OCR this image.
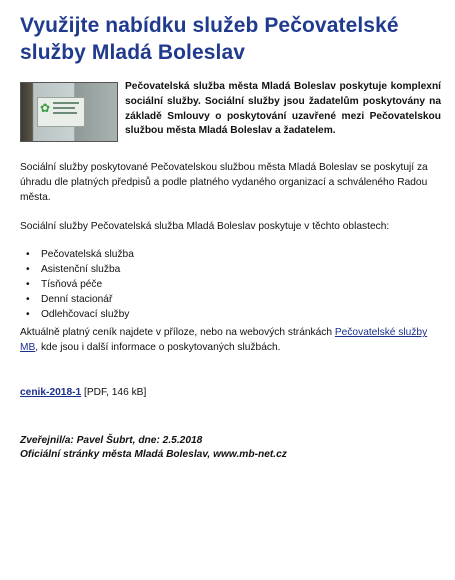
Využijte nabídku služeb Pečovatelské služby Mladá Boleslav
✿

Pečovatelská služba města Mladá Boleslav poskytuje komplexní sociální služby. Sociální služby jsou žadatelům poskytovány na základě Smlouvy o poskytování uzavřené mezi Pečovatelskou službou města Mladá Boleslav a žadatelem.

Sociální služby poskytované Pečovatelskou službou města Mladá Boleslav se poskytují za úhradu dle platných předpisů a podle platného vydaného organizací a schváleného Radou města.

Sociální služby Pečovatelská služba Mladá Boleslav poskytuje v těchto oblastech:

• Pečovatelská služba
• Asistenční služba
• Tísňová péče
• Denní stacionář
• Odlehčovací služby

Aktuálně platný ceník najdete v příloze, nebo na webových stránkách Pečovatelské služby MB, kde jsou i další informace o poskytovaných službách.

cenik-2018-1 [PDF, 146 kB]
Zveřejnil/a: Pavel Šubrt, dne: 2.5.2018
Oficiální stránky města Mladá Boleslav, www.mb-net.cz
